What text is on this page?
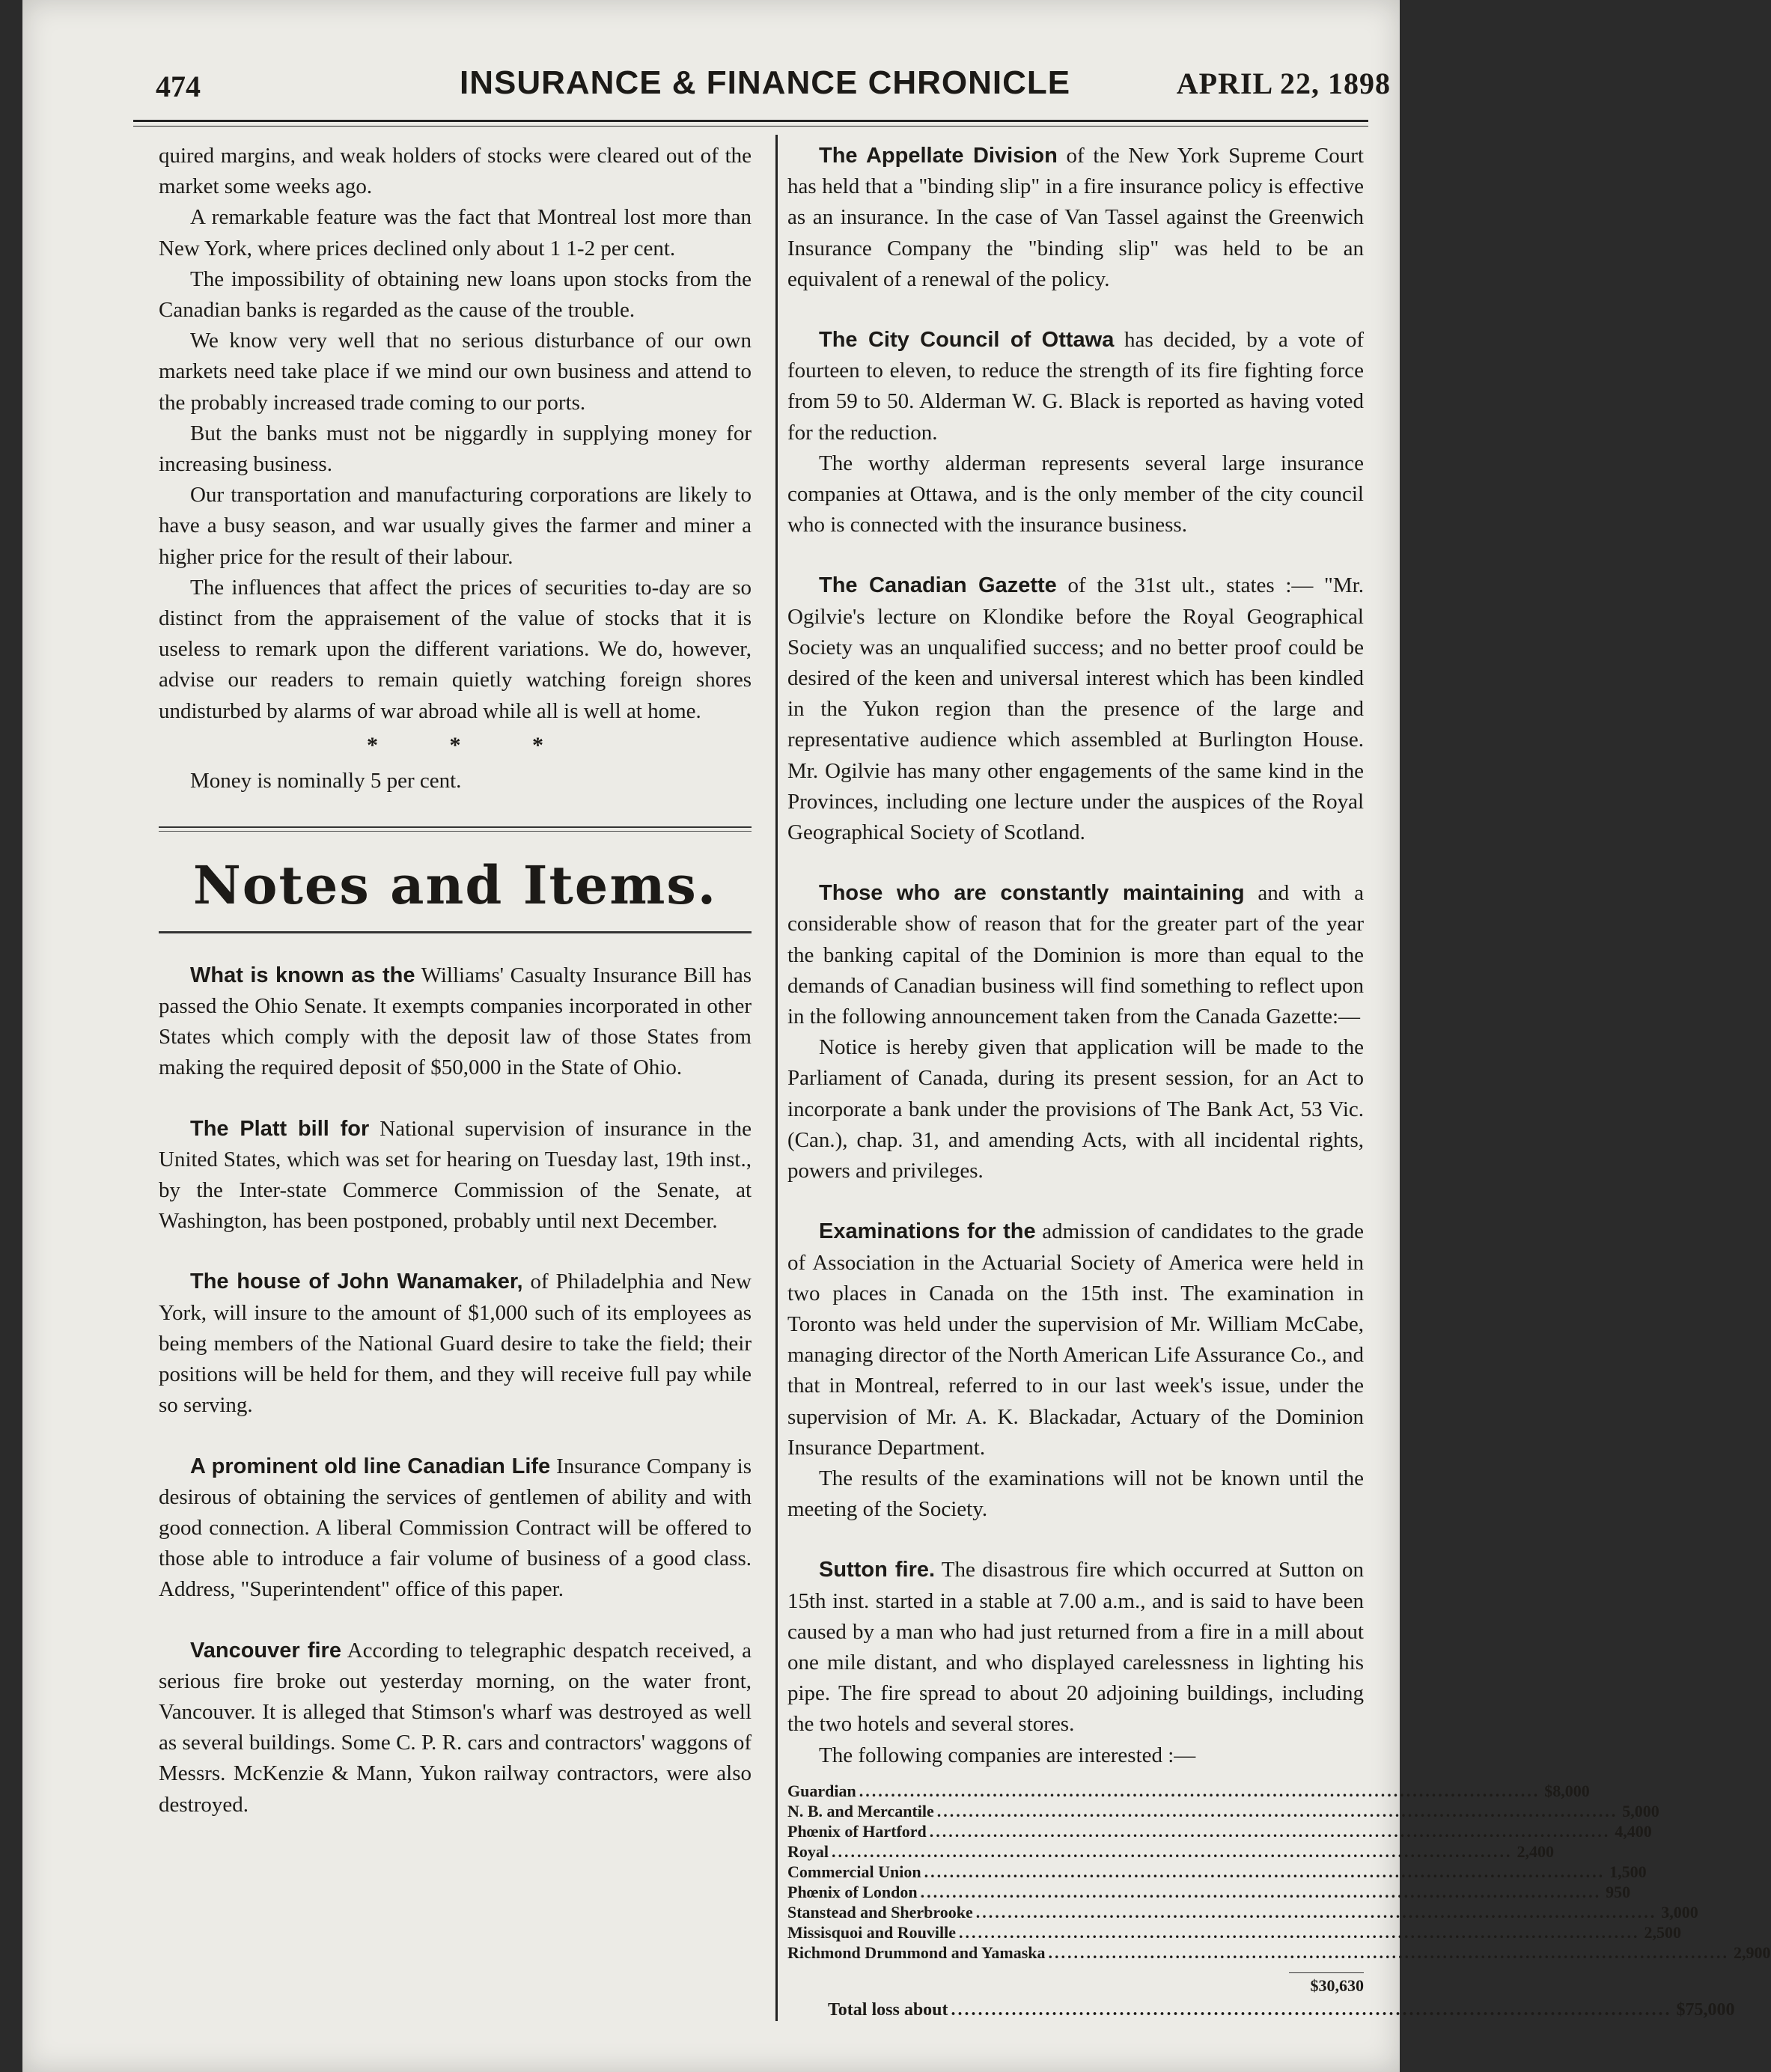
474	INSURANCE & FINANCE CHRONICLE	APRIL 22, 1898

quired margins, and weak holders of stocks were cleared out of the market some weeks ago.

A remarkable feature was the fact that Montreal lost more than New York, where prices declined only about 1 1-2 per cent.

The impossibility of obtaining new loans upon stocks from the Canadian banks is regarded as the cause of the trouble.

We know very well that no serious disturbance of our own markets need take place if we mind our own business and attend to the probably increased trade coming to our ports.

But the banks must not be niggardly in supplying money for increasing business.

Our transportation and manufacturing corporations are likely to have a busy season, and war usually gives the farmer and miner a higher price for the result of their labour.

The influences that affect the prices of securities to-day are so distinct from the appraisement of the value of stocks that it is useless to remark upon the different variations. We do, however, advise our readers to remain quietly watching foreign shores undisturbed by alarms of war abroad while all is well at home.

* * *
Money is nominally 5 per cent.
Notes and Items.

What is known as the Williams' Casualty Insurance Bill has passed the Ohio Senate. It exempts companies incorporated in other States which comply with the deposit law of those States from making the required deposit of $50,000 in the State of Ohio.

The Platt bill for National supervision of insurance in the United States, which was set for hearing on Tuesday last, 19th inst., by the Inter-state Commerce Commission of the Senate, at Washington, has been postponed, probably until next December.

The house of John Wanamaker, of Philadelphia and New York, will insure to the amount of $1,000 such of its employees as being members of the National Guard desire to take the field; their positions will be held for them, and they will receive full pay while so serving.

A prominent old line Canadian Life Insurance Company is desirous of obtaining the services of gentlemen of ability and with good connection. A liberal Commission Contract will be offered to those able to introduce a fair volume of business of a good class. Address, "Superintendent" office of this paper.

Vancouver fire According to telegraphic despatch received, a serious fire broke out yesterday morning, on the water front, Vancouver. It is alleged that Stimson's wharf was destroyed as well as several buildings. Some C. P. R. cars and contractors' waggons of Messrs. McKenzie & Mann, Yukon railway contractors, were also destroyed.

The Appellate Division of the New York Supreme Court has held that a "binding slip" in a fire insurance policy is effective as an insurance. In the case of Van Tassel against the Greenwich Insurance Company the "binding slip" was held to be an equivalent of a renewal of the policy.

The City Council of Ottawa has decided, by a vote of fourteen to eleven, to reduce the strength of its fire fighting force from 59 to 50. Alderman W. G. Black is reported as having voted for the reduction.

The worthy alderman represents several large insurance companies at Ottawa, and is the only member of the city council who is connected with the insurance business.

The Canadian Gazette of the 31st ult., states :— "Mr. Ogilvie's lecture on Klondike before the Royal Geographical Society was an unqualified success; and no better proof could be desired of the keen and universal interest which has been kindled in the Yukon region than the presence of the large and representative audience which assembled at Burlington House. Mr. Ogilvie has many other engagements of the same kind in the Provinces, including one lecture under the auspices of the Royal Geographical Society of Scotland.

Those who are constantly maintaining and with a considerable show of reason that for the greater part of the year the banking capital of the Dominion is more than equal to the demands of Canadian business will find something to reflect upon in the following announcement taken from the Canada Gazette:—

Notice is hereby given that application will be made to the Parliament of Canada, during its present session, for an Act to incorporate a bank under the provisions of The Bank Act, 53 Vic. (Can.), chap. 31, and amending Acts, with all incidental rights, powers and privileges.

Examinations for the admission of candidates to the grade of Association in the Actuarial Society of America were held in two places in Canada on the 15th inst. The examination in Toronto was held under the supervision of Mr. William McCabe, managing director of the North American Life Assurance Co., and that in Montreal, referred to in our last week's issue, under the supervision of Mr. A. K. Blackadar, Actuary of the Dominion Insurance Department.

The results of the examinations will not be known until the meeting of the Society.

Sutton fire. The disastrous fire which occurred at Sutton on 15th inst. started in a stable at 7.00 a.m., and is said to have been caused by a man who had just returned from a fire in a mill about one mile distant, and who displayed carelessness in lighting his pipe. The fire spread to about 20 adjoining buildings, including the two hotels and several stores.

The following companies are interested :—

Guardian ........................................................................................................... $8,000
N. B. and Mercantile ........................................................................................................... 5,000
Phœnix of Hartford ........................................................................................................... 4,400
Royal ........................................................................................................... 2,400
Commercial Union ........................................................................................................... 1,500
Phœnix of London ........................................................................................................... 950
Stanstead and Sherbrooke ........................................................................................................... 3,000
Missisquoi and Rouville ........................................................................................................... 2,500
Richmond Drummond and Yamaska ........................................................................................................... 2,900
$30,630
Total loss about ........................................................................................................... $75,000
